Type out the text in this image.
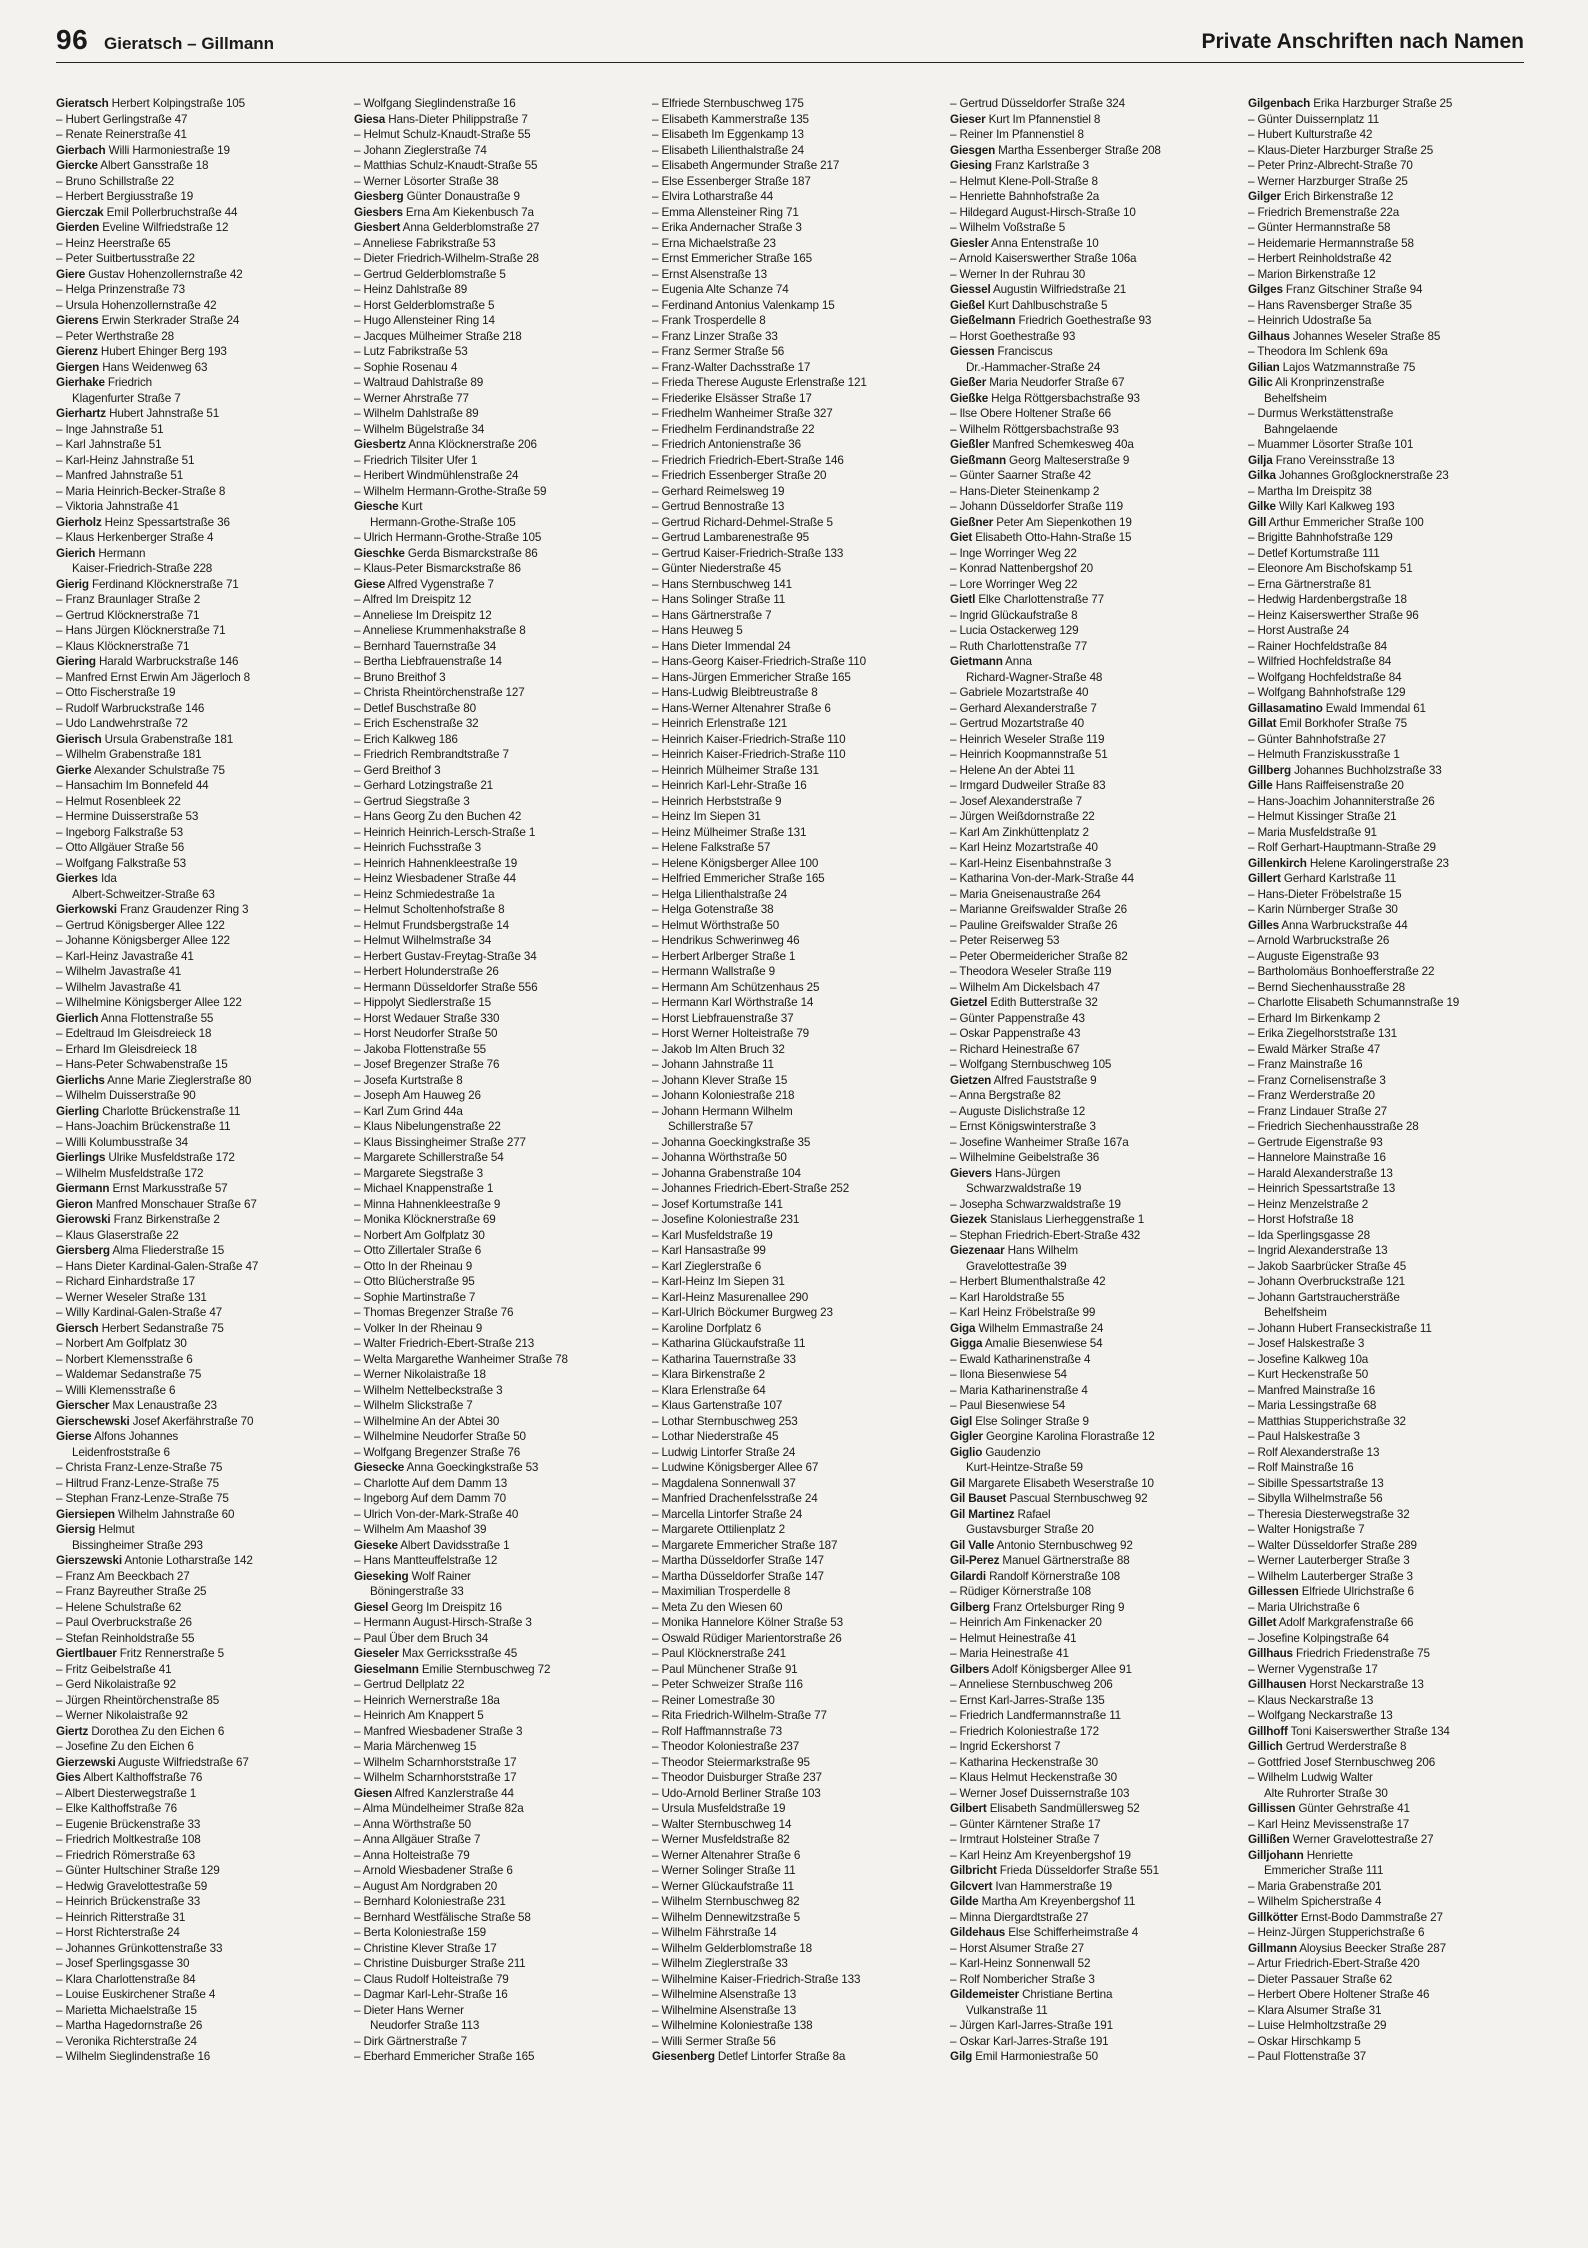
96 Gieratsch – Gillmann	Private Anschriften nach Namen
Gieratsch Herbert Kolpingstraße 105
– Hubert Gerlingstraße 47
– Renate Reinerstraße 41
Gierbach Willi Harmoniestraße 19
Giercke Albert Gansstraße 18
– Bruno Schillstraße 22
– Herbert Bergiusstraße 19
Gierczak Emil Pollerbruchstraße 44
Gierden Eveline Wilfriedstraße 12
– Heinz Heerstraße 65
– Peter Suitbertusstraße 22
Giere Gustav Hohenzollernstraße 42
– Helga Prinzenstraße 73
– Ursula Hohenzollernstraße 42
Gierens Erwin Sterkrader Straße 24
– Peter Werthstraße 28
Gierenz Hubert Ehinger Berg 193
Giergen Hans Weidenweg 63
Gierhake Friedrich
Klagenfurter Straße 7
Gierhartz Hubert Jahnstraße 51
– Inge Jahnstraße 51
– Karl Jahnstraße 51
– Karl-Heinz Jahnstraße 51
– Manfred Jahnstraße 51
– Maria Heinrich-Becker-Straße 8
– Viktoria Jahnstraße 41
Gierholz Heinz Spessartstraße 36
– Klaus Herkenberger Straße 4
Gierich Hermann
Kaiser-Friedrich-Straße 228
Gierig Ferdinand Klöcknerstraße 71
– Franz Braunlager Straße 2
– Gertrud Klöcknerstraße 71
– Hans Jürgen Klöcknerstraße 71
– Klaus Klöcknerstraße 71
Giering Harald Warbruckstraße 146
– Manfred Ernst Erwin Am Jägerloch 8
– Otto Fischerstraße 19
– Rudolf Warbruckstraße 146
– Udo Landwehrstraße 72
Gierisch Ursula Grabenstraße 181
– Wilhelm Grabenstraße 181
Gierke Alexander Schulstraße 75
– Hansachim Im Bonnefeld 44
– Helmut Rosenbleek 22
– Hermine Duisserstraße 53
– Ingeborg Falkstraße 53
– Otto Allgäuer Straße 56
– Wolfgang Falkstraße 53
Gierkes Ida
Albert-Schweitzer-Straße 63
Gierkowski Franz Graudenzer Ring 3
– Gertrud Königsberger Allee 122
– Johanne Königsberger Allee 122
– Karl-Heinz Javastraße 41
– Wilhelm Javastraße 41
– Wilhelm Javastraße 41
– Wilhelmine Königsberger Allee 122
Gierlich Anna Flottenstraße 55
– Edeltraud Im Gleisdreieck 18
– Erhard Im Gleisdreieck 18
– Hans-Peter Schwabenstraße 15
Gierlichs Anne Marie Zieglerstraße 80
– Wilhelm Duisserstraße 90
Gierling Charlotte Brückenstraße 11
– Hans-Joachim Brückenstraße 11
– Willi Kolumbusstraße 34
Gierlings Ulrike Musfeldstraße 172
– Wilhelm Musfeldstraße 172
Giermann Ernst Markusstraße 57
Gieron Manfred Monschauer Straße 67
Gierowski Franz Birkenstraße 2
– Klaus Glaserstraße 22
Giersberg Alma Fliederstraße 15
– Hans Dieter Kardinal-Galen-Straße 47
– Richard Einhardstraße 17
– Werner Weseler Straße 131
– Willy Kardinal-Galen-Straße 47
Giersch Herbert Sedanstraße 75
– Norbert Am Golfplatz 30
– Norbert Klemensstraße 6
– Waldemar Sedanstraße 75
– Willi Klemensstraße 6
Gierscher Max Lenaustraße 23
Gierschewski Josef Akerfährstraße 70
Gierse Alfons Johannes
Leidenfroststraße 6
– Christa Franz-Lenze-Straße 75
– Hiltrud Franz-Lenze-Straße 75
– Stephan Franz-Lenze-Straße 75
Giersiepen Wilhelm Jahnstraße 60
Giersig Helmut
Bissingheimer Straße 293
Gierszewski Antonie Lotharstraße 142
– Franz Am Beeckbach 27
– Franz Bayreuther Straße 25
– Helene Schulstraße 62
– Paul Overbruckstraße 26
– Stefan Reinholdstraße 55
Giertlbauer Fritz Rennerstraße 5
– Fritz Geibelstraße 41
– Gerd Nikolaistraße 92
– Jürgen Rheintörchenstraße 85
– Werner Nikolaistraße 92
Giertz Dorothea Zu den Eichen 6
– Josefine Zu den Eichen 6
Gierzewski Auguste Wilfriedstraße 67
Gies Albert Kalthoffstraße 76
– Albert Diesterwegstraße 1
– Elke Kalthoffstraße 76
– Eugenie Brückenstraße 33
– Friedrich Moltkestraße 108
– Friedrich Römerstraße 63
– Günter Hultschiner Straße 129
– Hedwig Gravelottestraße 59
– Heinrich Brückenstraße 33
– Heinrich Ritterstraße 31
– Horst Richterstraße 24
– Johannes Grünkottenstraße 33
– Josef Sperlingsgasse 30
– Klara Charlottenstraße 84
– Louise Euskirchener Straße 4
– Marietta Michaelstraße 15
– Martha Hagedornstraße 26
– Veronika Richterstraße 24
– Wilhelm Sieglindenstraße 16
– Wolfgang Sieglindenstraße 16
Giesa Hans-Dieter Philippstraße 7
– Helmut Schulz-Knaudt-Straße 55
– Johann Zieglerstraße 74
– Matthias Schulz-Knaudt-Straße 55
– Werner Lösorter Straße 38
Giesberg Günter Donaustraße 9
Giesbers Erna Am Kiekenbusch 7a
Giesbert Anna Gelderblomstraße 27
– Anneliese Fabrikstraße 53
– Dieter Friedrich-Wilhelm-Straße 28
– Gertrud Gelderblomstraße 5
– Heinz Dahlstraße 89
– Horst Gelderblomstraße 5
– Hugo Allensteiner Ring 14
– Jacques Mülheimer Straße 218
– Lutz Fabrikstraße 53
– Sophie Rosenau 4
– Waltraud Dahlstraße 89
– Werner Ahrstraße 77
– Wilhelm Dahlstraße 89
– Wilhelm Bügelstraße 34
Giesbertz Anna Klöcknerstraße 206
– Friedrich Tilsiter Ufer 1
– Heribert Windmühlenstraße 24
– Wilhelm Hermann-Grothe-Straße 59
Giesche Kurt
Hermann-Grothe-Straße 105
– Ulrich Hermann-Grothe-Straße 105
Gieschke Gerda Bismarckstraße 86
– Klaus-Peter Bismarckstraße 86
Giese Alfred Vygenstraße 7
– Alfred Im Dreispitz 12
– Anneliese Im Dreispitz 12
– Anneliese Krummenhakstraße 8
– Bernhard Tauernstraße 34
– Bertha Liebfrauenstraße 14
– Bruno Breithof 3
– Christa Rheintörchenstraße 127
– Detlef Buschstraße 80
– Erich Eschenstraße 32
– Erich Kalkweg 186
– Friedrich Rembrandtstraße 7
– Gerd Breithof 3
– Gerhard Lotzingstraße 21
– Gertrud Siegstraße 3
– Hans Georg Zu den Buchen 42
– Heinrich Heinrich-Lersch-Straße 1
– Heinrich Fuchsstraße 3
– Heinrich Hahnenkleestraße 19
– Heinz Wiesbadener Straße 44
– Heinz Schmiedestraße 1a
– Helmut Scholtenhofstraße 8
– Helmut Frundsbergstraße 14
– Helmut Wilhelmstraße 34
– Herbert Gustav-Freytag-Straße 34
– Herbert Holunderstraße 26
– Hermann Düsseldorfer Straße 556
– Hippolyt Siedlerstraße 15
– Horst Wedauer Straße 330
– Horst Neudorfer Straße 50
– Jakoba Flottenstraße 55
– Josef Bregenzer Straße 76
– Josefa Kurtstraße 8
– Joseph Am Hauweg 26
– Karl Zum Grind 44a
– Klaus Nibelungenstraße 22
– Klaus Bissingheimer Straße 277
– Margarete Schillerstraße 54
– Margarete Siegstraße 3
– Michael Knappenstraße 1
– Minna Hahnenkleestraße 9
– Monika Klöcknerstraße 69
– Norbert Am Golfplatz 30
– Otto Zillertaler Straße 6
– Otto In der Rheinau 9
– Otto Blücherstraße 95
– Sophie Martinstraße 7
– Thomas Bregenzer Straße 76
– Volker In der Rheinau 9
– Walter Friedrich-Ebert-Straße 213
– Welta Margarethe Wanheimer Straße 78
– Werner Nikolaistraße 18
– Wilhelm Nettelbeckstraße 3
– Wilhelm Slickstraße 7
– Wilhelmine An der Abtei 30
– Wilhelmine Neudorfer Straße 50
– Wolfgang Bregenzer Straße 76
Giesecke Anna Goeckingkstraße 53
– Charlotte Auf dem Damm 13
– Ingeborg Auf dem Damm 70
– Ulrich Von-der-Mark-Straße 40
– Wilhelm Am Maashof 39
Gieseke Albert Davidsstraße 1
– Hans Mantteuffelstraße 12
Gieseking Wolf Rainer
Böningerstraße 33
Giesel Georg Im Dreispitz 16
– Hermann August-Hirsch-Straße 3
– Paul Über dem Bruch 34
Gieseler Max Gerricksstraße 45
Gieselmann Emilie Sternbuschweg 72
– Gertrud Dellplatz 22
– Heinrich Wernerstraße 18a
– Heinrich Am Knappert 5
– Manfred Wiesbadener Straße 3
– Maria Märchenweg 15
– Wilhelm Scharnhorststraße 17
– Wilhelm Scharnhorststraße 17
Giesen Alfred Kanzlerstraße 44
– Alma Mündelheimer Straße 82a
– Anna Wörthstraße 50
– Anna Allgäuer Straße 7
– Anna Holteistraße 79
– Arnold Wiesbadener Straße 6
– August Am Nordgraben 20
– Bernhard Koloniestraße 231
– Bernhard Westfälische Straße 58
– Berta Koloniestraße 159
– Christine Klever Straße 17
– Christine Duisburger Straße 211
– Claus Rudolf Holteistraße 79
– Dagmar Karl-Lehr-Straße 16
– Dieter Hans Werner
Neudorfer Straße 113
– Dirk Gärtnerstraße 7
– Eberhard Emmericher Straße 165
– Elfriede Sternbuschweg 175
– Elisabeth Kammerstraße 135
– Elisabeth Im Eggenkamp 13
– Elisabeth Lilienthalstraße 24
– Elisabeth Angermunder Straße 217
– Else Essenberger Straße 187
– Elvira Lotharstraße 44
– Emma Allensteiner Ring 71
– Erika Andernacher Straße 3
– Erna Michaelstraße 23
– Ernst Emmericher Straße 165
– Ernst Alsenstraße 13
– Eugenia Alte Schanze 74
– Ferdinand Antonius Valenkamp 15
– Frank Trosperdelle 8
– Franz Linzer Straße 33
– Franz Sermer Straße 56
– Franz-Walter Dachsstraße 17
– Frieda Therese Auguste Erlenstraße 121
– Friederike Elsässer Straße 17
– Friedhelm Wanheimer Straße 327
– Friedhelm Ferdinandstraße 22
– Friedrich Antonienstraße 36
– Friedrich Friedrich-Ebert-Straße 146
– Friedrich Essenberger Straße 20
– Gerhard Reimelsweg 19
– Gertrud Bennostraße 13
– Gertrud Richard-Dehmel-Straße 5
– Gertrud Lambarenestraße 95
– Gertrud Kaiser-Friedrich-Straße 133
– Günter Niederstraße 45
– Hans Sternbuschweg 141
– Hans Solinger Straße 11
– Hans Gärtnerstraße 7
– Hans Heuweg 5
– Hans Dieter Immendal 24
– Hans-Georg Kaiser-Friedrich-Straße 110
– Hans-Jürgen Emmericher Straße 165
– Hans-Ludwig Bleibtreustraße 8
– Hans-Werner Altenahrer Straße 6
– Heinrich Erlenstraße 121
– Heinrich Kaiser-Friedrich-Straße 110
– Heinrich Kaiser-Friedrich-Straße 110
– Heinrich Mülheimer Straße 131
– Heinrich Karl-Lehr-Straße 16
– Heinrich Herbststraße 9
– Heinz Im Siepen 31
– Heinz Mülheimer Straße 131
– Helene Falkstraße 57
– Helene Königsberger Allee 100
– Helfried Emmericher Straße 165
– Helga Lilienthalstraße 24
– Helga Gotenstraße 38
– Helmut Wörthstraße 50
– Hendrikus Schwerinweg 46
– Herbert Arlberger Straße 1
– Hermann Wallstraße 9
– Hermann Am Schützenhaus 25
– Hermann Karl Wörthstraße 14
– Horst Liebfrauenstraße 37
– Horst Werner Holteistraße 79
– Jakob Im Alten Bruch 32
– Johann Jahnstraße 11
– Johann Klever Straße 15
– Johann Koloniestraße 218
– Johann Hermann Wilhelm
Schillerstraße 57
– Johanna Goeckingkstraße 35
– Johanna Wörthstraße 50
– Johanna Grabenstraße 104
– Johannes Friedrich-Ebert-Straße 252
– Josef Kortumstraße 141
– Josefine Koloniestraße 231
– Karl Musfeldstraße 19
– Karl Hansastraße 99
– Karl Zieglerstraße 6
– Karl-Heinz Im Siepen 31
– Karl-Heinz Masurenallee 290
– Karl-Ulrich Böckumer Burgweg 23
– Karoline Dorfplatz 6
– Katharina Glückaufstraße 11
– Katharina Tauernstraße 33
– Klara Birkenstraße 2
– Klara Erlenstraße 64
– Klaus Gartenstraße 107
– Lothar Sternbuschweg 253
– Lothar Niederstraße 45
– Ludwig Lintorfer Straße 24
– Ludwine Königsberger Allee 67
– Magdalena Sonnenwall 37
– Manfried Drachenfelsstraße 24
– Marcella Lintorfer Straße 24
– Margarete Ottilienplatz 2
– Margarete Emmericher Straße 187
– Martha Düsseldorfer Straße 147
– Martha Düsseldorfer Straße 147
– Maximilian Trosperdelle 8
– Meta Zu den Wiesen 60
– Monika Hannelore Kölner Straße 53
– Oswald Rüdiger Marientorstraße 26
– Paul Klöcknerstraße 241
– Paul Münchener Straße 91
– Peter Schweizer Straße 116
– Reiner Lomestraße 30
– Rita Friedrich-Wilhelm-Straße 77
– Rolf Haffmannstraße 73
– Theodor Koloniestraße 237
– Theodor Steiermarkstraße 95
– Theodor Duisburger Straße 237
– Udo-Arnold Berliner Straße 103
– Ursula Musfeldstraße 19
– Walter Sternbuschweg 14
– Werner Musfeldstraße 82
– Werner Altenahrer Straße 6
– Werner Solinger Straße 11
– Werner Glückaufstraße 11
– Wilhelm Sternbuschweg 82
– Wilhelm Dennewitzstraße 5
– Wilhelm Fährstraße 14
– Wilhelm Gelderblomstraße 18
– Wilhelm Zieglerstraße 33
– Wilhelmine Kaiser-Friedrich-Straße 133
– Wilhelmine Alsenstraße 13
– Wilhelmine Alsenstraße 13
– Wilhelmine Koloniestraße 138
– Willi Sermer Straße 56
Giesenberg Detlef Lintorfer Straße 8a
– Gertrud Düsseldorfer Straße 324
Gieser Kurt Im Pfannenstiel 8
– Reiner Im Pfannenstiel 8
Giesgen Martha Essenberger Straße 208
Giesing Franz Karlstraße 3
– Helmut Klene-Poll-Straße 8
– Henriette Bahnhofstraße 2a
– Hildegard August-Hirsch-Straße 10
– Wilhelm Voßstraße 5
Giesler Anna Entenstraße 10
– Arnold Kaiserswerther Straße 106a
– Werner In der Ruhrau 30
Giessel Augustin Wilfriedstraße 21
Gießel Kurt Dahlbuschstraße 5
Gießelmann Friedrich Goethestraße 93
– Horst Goethestraße 93
Giessen Franciscus
Dr.-Hammacher-Straße 24
Gießer Maria Neudorfer Straße 67
Gießke Helga Röttgersbachstraße 93
– Ilse Obere Holtener Straße 66
– Wilhelm Röttgersbachstraße 93
Gießler Manfred Schemkesweg 40a
Gießmann Georg Malteserstraße 9
– Günter Saarner Straße 42
– Hans-Dieter Steinenkamp 2
– Johann Düsseldorfer Straße 119
Gießner Peter Am Siepenkothen 19
Giet Elisabeth Otto-Hahn-Straße 15
– Inge Worringer Weg 22
– Konrad Nattenbergshof 20
– Lore Worringer Weg 22
Gietl Elke Charlottenstraße 77
– Ingrid Glückaufstraße 8
– Lucia Ostackerweg 129
– Ruth Charlottenstraße 77
Gietmann Anna
Richard-Wagner-Straße 48
– Gabriele Mozartstraße 40
– Gerhard Alexanderstraße 7
– Gertrud Mozartstraße 40
– Heinrich Weseler Straße 119
– Heinrich Koopmannstraße 51
– Helene An der Abtei 11
– Irmgard Dudweiler Straße 83
– Josef Alexanderstraße 7
– Jürgen Weißdornstraße 22
– Karl Am Zinkhüttenplatz 2
– Karl Heinz Mozartstraße 40
– Karl-Heinz Eisenbahnstraße 3
– Katharina Von-der-Mark-Straße 44
– Maria Gneisenaustraße 264
– Marianne Greifswalder Straße 26
– Pauline Greifswalder Straße 26
– Peter Reiserweg 53
– Peter Obermeidericher Straße 82
– Theodora Weseler Straße 119
– Wilhelm Am Dickelsbach 47
Gietzel Edith Butterstraße 32
– Günter Pappenstraße 43
– Oskar Pappenstraße 43
– Richard Heinestraße 67
– Wolfgang Sternbuschweg 105
Gietzen Alfred Fauststraße 9
– Anna Bergstraße 82
– Auguste Dislichstraße 12
– Ernst Königswinterstraße 3
– Josefine Wanheimer Straße 167a
– Wilhelmine Geibelstraße 36
Gievers Hans-Jürgen
Schwarzwaldstraße 19
– Josepha Schwarzwaldstraße 19
Giezek Stanislaus Lierheggenstraße 1
– Stephan Friedrich-Ebert-Straße 432
Giezenaar Hans Wilhelm
Gravelottestraße 39
– Herbert Blumenthalstraße 42
– Karl Haroldstraße 55
– Karl Heinz Fröbelstraße 99
Giga Wilhelm Emmastraße 24
Gigga Amalie Biesenwiese 54
– Ewald Katharinenstraße 4
– Ilona Biesenwiese 54
– Maria Katharinenstraße 4
– Paul Biesenwiese 54
Gigl Else Solinger Straße 9
Gigler Georgine Karolina Florastraße 12
Giglio Gaudenzio
Kurt-Heintze-Straße 59
Gil Margarete Elisabeth Weserstraße 10
Gil Bauset Pascual Sternbuschweg 92
Gil Martinez Rafael
Gustavsburger Straße 20
Gil Valle Antonio Sternbuschweg 92
Gil-Perez Manuel Gärtnerstraße 88
Gilardi Randolf Körnerstraße 108
– Rüdiger Körnerstraße 108
Gilberg Franz Ortelsburger Ring 9
– Heinrich Am Finkenacker 20
– Helmut Heinestraße 41
– Maria Heinestraße 41
Gilbers Adolf Königsberger Allee 91
– Anneliese Sternbuschweg 206
– Ernst Karl-Jarres-Straße 135
– Friedrich Landfermannstraße 11
– Friedrich Koloniestraße 172
– Ingrid Eckershorst 7
– Katharina Heckenstraße 30
– Klaus Helmut Heckenstraße 30
– Werner Josef Duissernstraße 103
Gilbert Elisabeth Sandmüllersweg 52
– Günter Kärntener Straße 17
– Irmtraut Holsteiner Straße 7
– Karl Heinz Am Kreyenbergshof 19
Gilbricht Frieda Düsseldorfer Straße 551
Gilcvert Ivan Hammerstraße 19
Gilde Martha Am Kreyenbergshof 11
– Minna Diergardtstraße 27
Gildehaus Else Schifferheimstraße 4
– Horst Alsumer Straße 27
– Karl-Heinz Sonnenwall 52
– Rolf Nombericher Straße 3
Gildemeister Christiane Bertina
Vulkanstraße 11
– Jürgen Karl-Jarres-Straße 191
– Oskar Karl-Jarres-Straße 191
Gilg Emil Harmoniestraße 50
Gilgenbach Erika Harzburger Straße 25
– Günter Duissernplatz 11
– Hubert Kulturstraße 42
– Klaus-Dieter Harzburger Straße 25
– Peter Prinz-Albrecht-Straße 70
– Werner Harzburger Straße 25
Gilger Erich Birkenstraße 12
– Friedrich Bremenstraße 22a
– Günter Hermannstraße 58
– Heidemarie Hermannstraße 58
– Herbert Reinholdstraße 42
– Marion Birkenstraße 12
Gilges Franz Gitschiner Straße 94
– Hans Ravensberger Straße 35
– Heinrich Udostraße 5a
Gilhaus Johannes Weseler Straße 85
– Theodora Im Schlenk 69a
Gilian Lajos Watzmannstraße 75
Gilic Ali Kronprinzenstraße
Behelfsheim
– Durmus Werkstättenstraße
Bahngelaende
– Muammer Lösorter Straße 101
Gilja Frano Vereinsstraße 13
Gilka Johannes Großglocknerstraße 23
– Martha Im Dreispitz 38
Gilke Willy Karl Kalkweg 193
Gill Arthur Emmericher Straße 100
– Brigitte Bahnhofstraße 129
– Detlef Kortumstraße 111
– Eleonore Am Bischofskamp 51
– Erna Gärtnerstraße 81
– Hedwig Hardenbergstraße 18
– Heinz Kaiserswerther Straße 96
– Horst Austraße 24
– Rainer Hochfeldstraße 84
– Wilfried Hochfeldstraße 84
– Wolfgang Hochfeldstraße 84
– Wolfgang Bahnhofstraße 129
Gillasamatino Ewald Immendal 61
Gillat Emil Borkhofer Straße 75
– Günter Bahnhofstraße 27
– Helmuth Franziskusstraße 1
Gillberg Johannes Buchholzstraße 33
Gille Hans Raiffeisenstraße 20
– Hans-Joachim Johanniterstraße 26
– Helmut Kissinger Straße 21
– Maria Musfeldstraße 91
– Rolf Gerhart-Hauptmann-Straße 29
Gillenkirch Helene Karolingerstraße 23
Gillert Gerhard Karlstraße 11
– Hans-Dieter Fröbelstraße 15
– Karin Nürnberger Straße 30
Gilles Anna Warbruckstraße 44
– Arnold Warbruckstraße 26
– Auguste Eigenstraße 93
– Bartholomäus Bonhoefferstraße 22
– Bernd Siechenhausstraße 28
– Charlotte Elisabeth Schumannstraße 19
– Erhard Im Birkenkamp 2
– Erika Ziegelhorststraße 131
– Ewald Märker Straße 47
– Franz Mainstraße 16
– Franz Cornelisenstraße 3
– Franz Werderstraße 20
– Franz Lindauer Straße 27
– Friedrich Siechenhausstraße 28
– Gertrude Eigenstraße 93
– Hannelore Mainstraße 16
– Harald Alexanderstraße 13
– Heinrich Spessartstraße 13
– Heinz Menzelstraße 2
– Horst Hofstraße 18
– Ida Sperlingsgasse 28
– Ingrid Alexanderstraße 13
– Jakob Saarbrücker Straße 45
– Johann Overbruckstraße 121
– Johann Gartstrauchersträße
Behelfsheim
– Johann Hubert Franseckistraße 11
– Josef Halskestraße 3
– Josefine Kalkweg 10a
– Kurt Heckenstraße 50
– Manfred Mainstraße 16
– Maria Lessingstraße 68
– Matthias Stupperichstraße 32
– Paul Halskestraße 3
– Rolf Alexanderstraße 13
– Rolf Mainstraße 16
– Sibille Spessartstraße 13
– Sibylla Wilhelmstraße 56
– Theresia Diesterwegstraße 32
– Walter Honigstraße 7
– Walter Düsseldorfer Straße 289
– Werner Lauterberger Straße 3
– Wilhelm Lauterberger Straße 3
Gillessen Elfriede Ulrichstraße 6
– Maria Ulrichstraße 6
Gillet Adolf Markgrafenstraße 66
– Josefine Kolpingstraße 64
Gillhaus Friedrich Friedenstraße 75
– Werner Vygenstraße 17
Gillhausen Horst Neckarstraße 13
– Klaus Neckarstraße 13
– Wolfgang Neckarstraße 13
Gillhoff Toni Kaiserswerther Straße 134
Gillich Gertrud Werderstraße 8
– Gottfried Josef Sternbuschweg 206
– Wilhelm Ludwig Walter
Alte Ruhrorter Straße 30
Gillissen Günter Gehrstraße 41
– Karl Heinz Mevissenstraße 17
Gillißen Werner Gravelottestraße 27
Gilljohann Henriette
Emmericher Straße 111
– Maria Grabenstraße 201
– Wilhelm Spicherstraße 4
Gillkötter Ernst-Bodo Dammstraße 27
– Heinz-Jürgen Stupperichstraße 6
Gillmann Aloysius Beecker Straße 287
– Artur Friedrich-Ebert-Straße 420
– Dieter Passauer Straße 62
– Herbert Obere Holtener Straße 46
– Klara Alsumer Straße 31
– Luise Helmholtzstraße 29
– Oskar Hirschkamp 5
– Paul Flottenstraße 37
